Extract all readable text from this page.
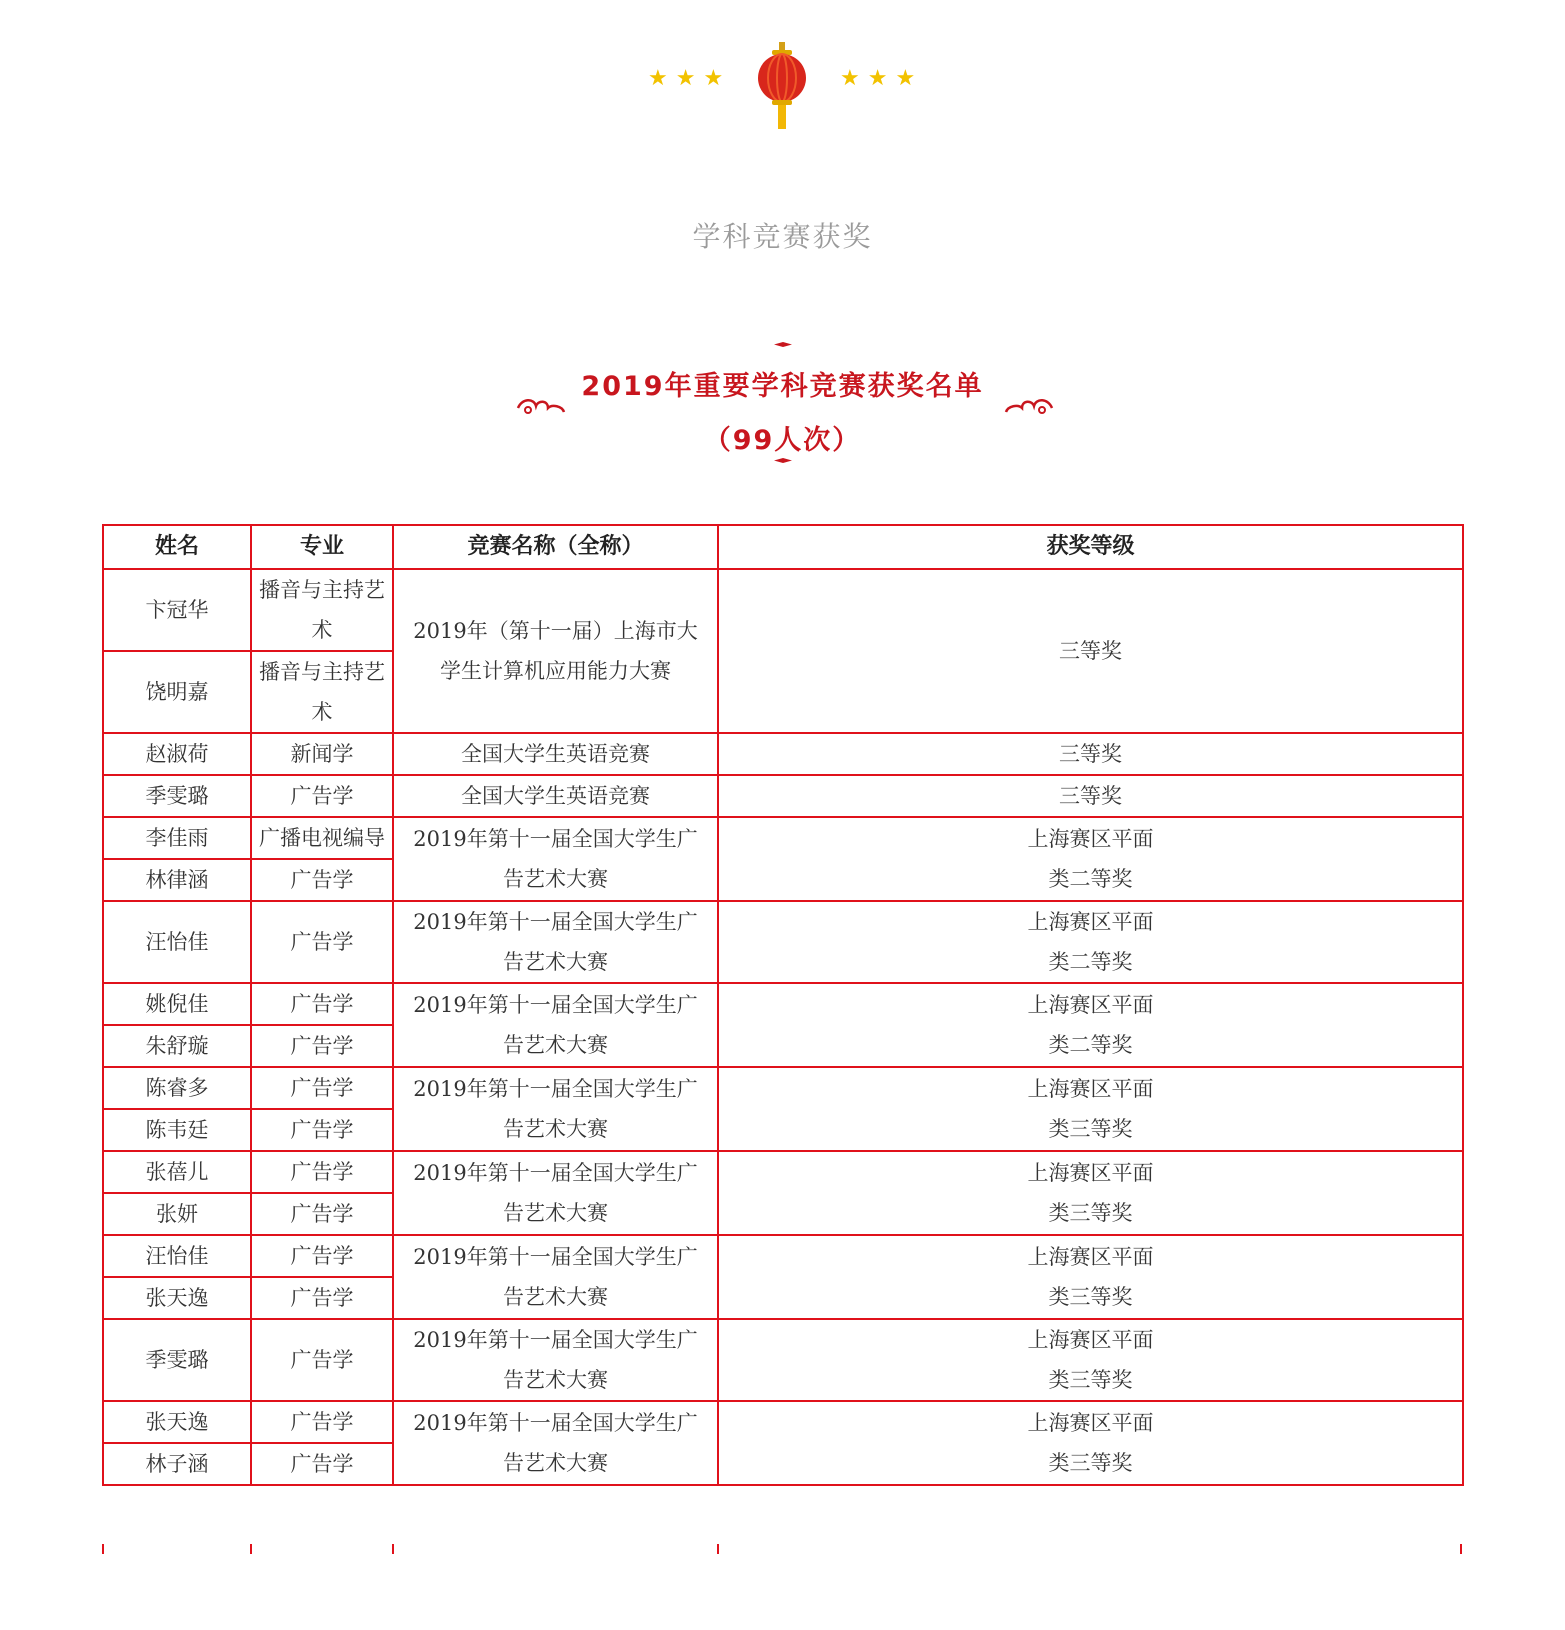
★★★	★★★
学科竞赛获奖
2019年重要学科竞赛获奖名单
（99人次）
姓名	专业	竞赛名称（全称）	获奖等级
卞冠华	播音与主持艺术	2019年（第十一届）上海市大学生计算机应用能力大赛	三等奖
饶明嘉	播音与主持艺术		
赵淑荷	新闻学	全国大学生英语竞赛	三等奖
季雯璐	广告学	全国大学生英语竞赛	三等奖
李佳雨	广播电视编导	2019年第十一届全国大学生广告艺术大赛	上海赛区平面类二等奖
林律涵	广告学		
汪怡佳	广告学	2019年第十一届全国大学生广告艺术大赛	上海赛区平面类二等奖
姚倪佳	广告学	2019年第十一届全国大学生广告艺术大赛	上海赛区平面类二等奖
朱舒璇	广告学		
陈睿多	广告学	2019年第十一届全国大学生广告艺术大赛	上海赛区平面类三等奖
陈韦廷	广告学		
张蓓儿	广告学	2019年第十一届全国大学生广告艺术大赛	上海赛区平面类三等奖
张妍	广告学		
汪怡佳	广告学	2019年第十一届全国大学生广告艺术大赛	上海赛区平面类三等奖
张天逸	广告学		
季雯璐	广告学	2019年第十一届全国大学生广告艺术大赛	上海赛区平面类三等奖
张天逸	广告学	2019年第十一届全国大学生广告艺术大赛	上海赛区平面类三等奖
林子涵	广告学		
